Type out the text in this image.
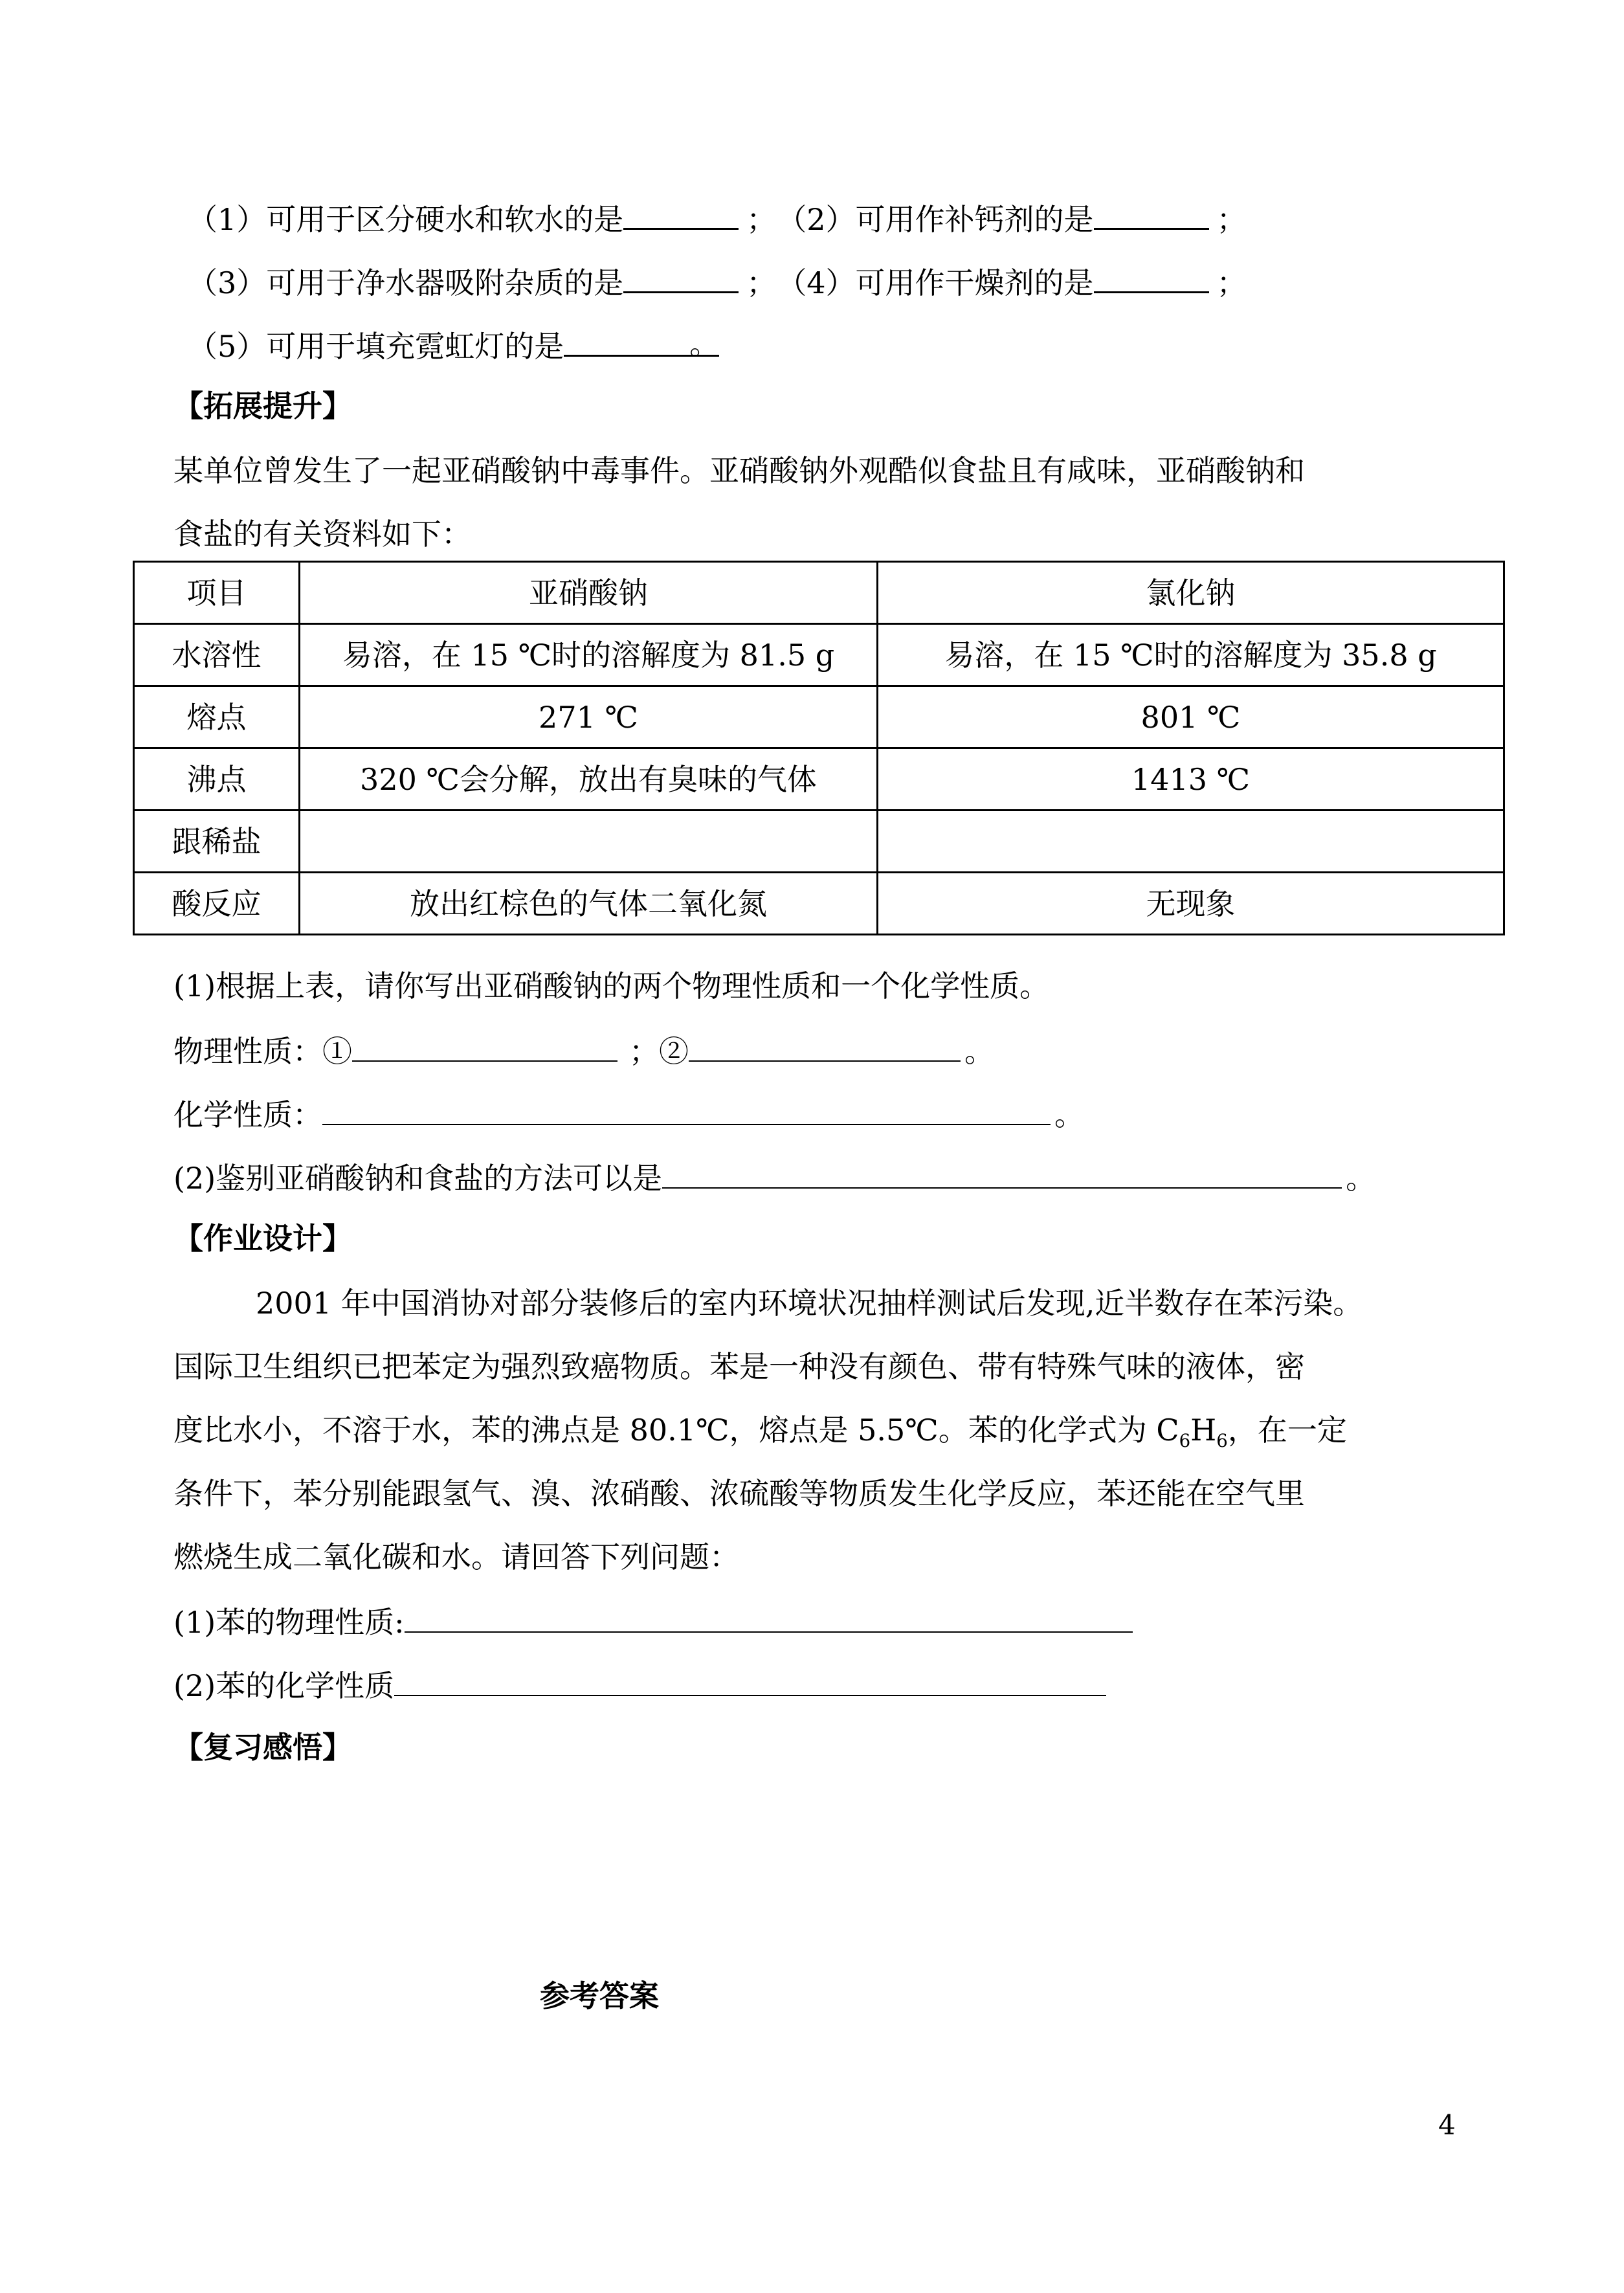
（1）可用于区分硬水和软水的是	； （2）可用作补钙剂的是	；
（3）可用于净水器吸附杂质的是	； （4）可用作干燥剂的是	；
（5）可用于填充霓虹灯的是	。
【拓展提升】
某单位曾发生了一起亚硝酸钠中毒事件。亚硝酸钠外观酷似食盐且有咸味，亚硝酸钠和
食盐的有关资料如下：
项目	亚硝酸钠	氯化钠
水溶性	易溶，在 15 ℃时的溶解度为 81.5 g	易溶，在 15 ℃时的溶解度为 35.8 g
熔点	271 ℃	801 ℃
沸点	320 ℃会分解，放出有臭味的气体	1413 ℃
跟稀盐		
酸反应	放出红棕色的气体二氧化氮	无现象
(1)根据上表，请你写出亚硝酸钠的两个物理性质和一个化学性质。
物理性质：①	；②	。
化学性质：	。
(2)鉴别亚硝酸钠和食盐的方法可以是	。
【作业设计】
2001 年中国消协对部分装修后的室内环境状况抽样测试后发现,近半数存在苯污染。
国际卫生组织已把苯定为强烈致癌物质。苯是一种没有颜色、带有特殊气味的液体，密
度比水小，不溶于水，苯的沸点是 80.1℃，熔点是 5.5℃。苯的化学式为 $C_6H_6$，在一定
条件下，苯分别能跟氢气、溴、浓硝酸、浓硫酸等物质发生化学反应，苯还能在空气里
燃烧生成二氧化碳和水。请回答下列问题：
(1)苯的物理性质:
(2)苯的化学性质
【复习感悟】
参考答案
4
